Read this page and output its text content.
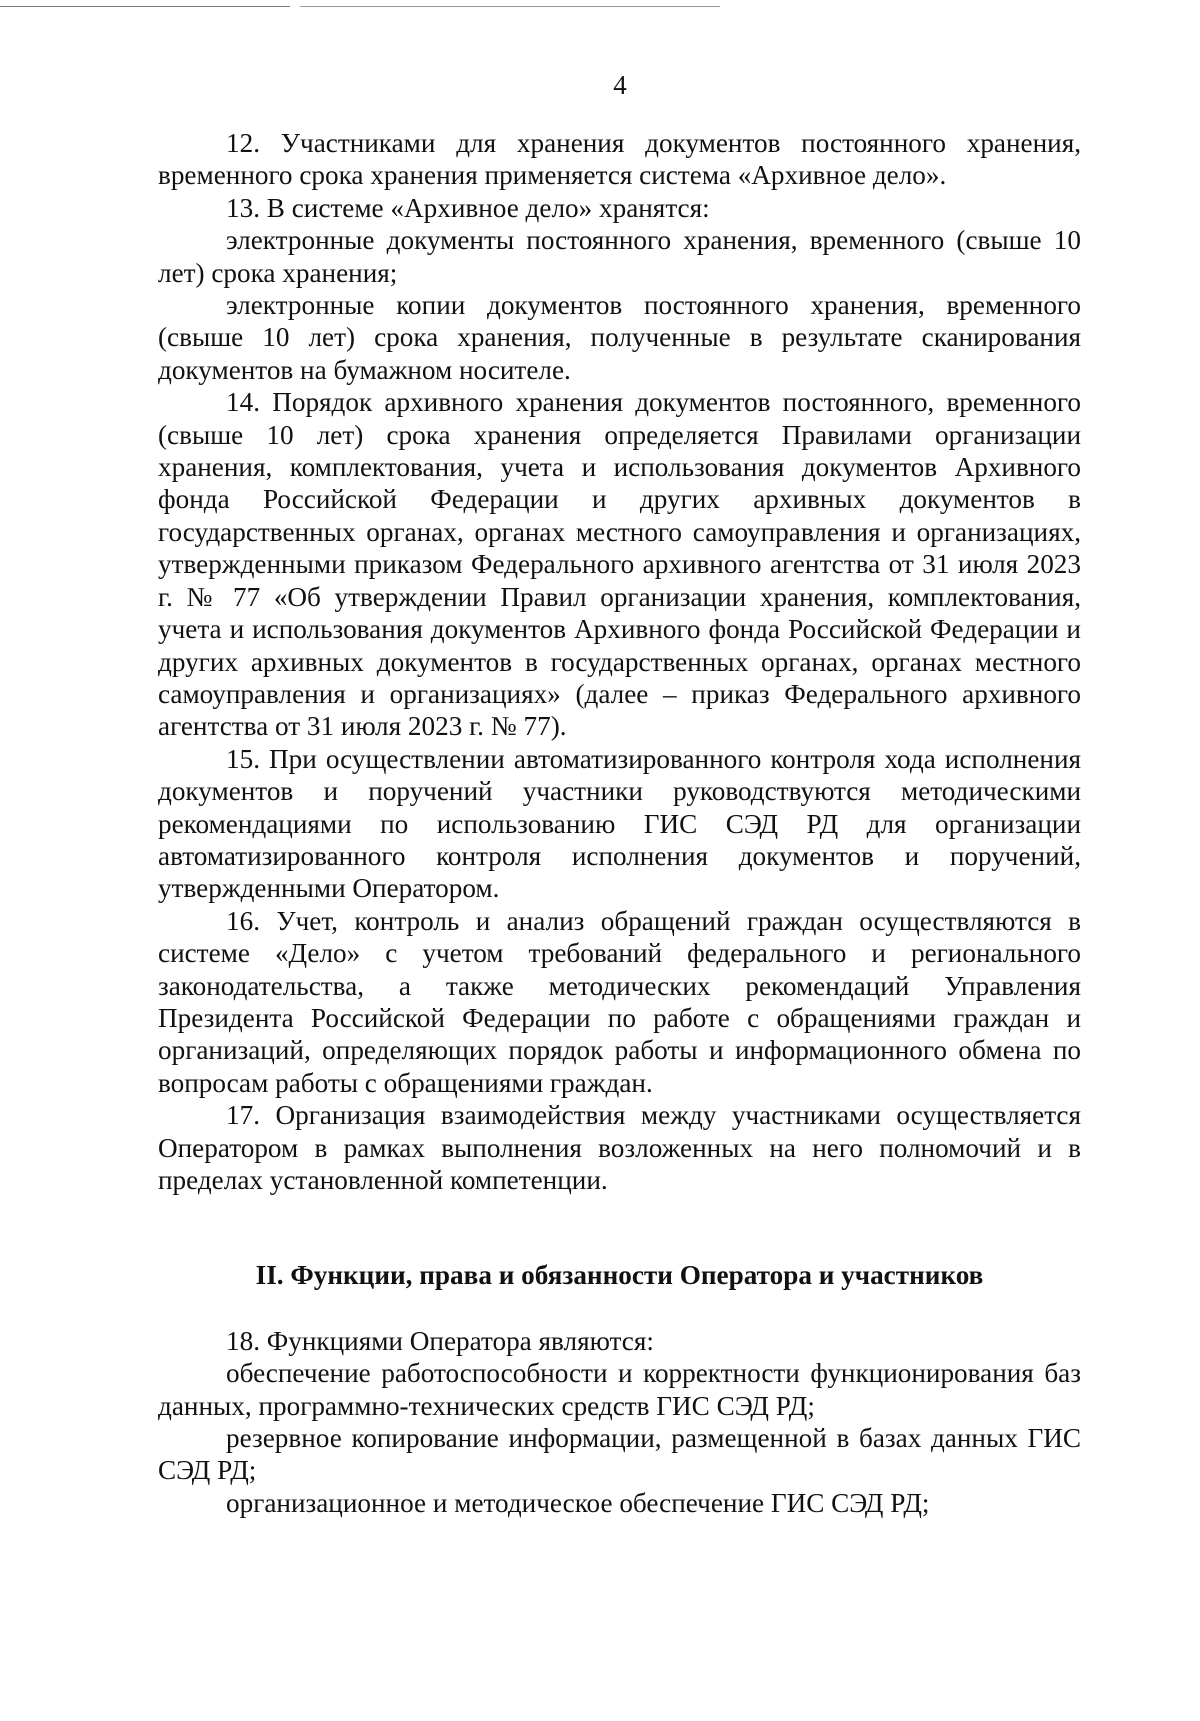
4

12. Участниками для хранения документов постоянного хранения, временного срока хранения применяется система «Архивное дело».

13. В системе «Архивное дело» хранятся:

электронные документы постоянного хранения, временного (свыше 10 лет) срока хранения;

электронные копии документов постоянного хранения, временного (свыше 10 лет) срока хранения, полученные в результате сканирования документов на бумажном носителе.

14. Порядок архивного хранения документов постоянного, временного (свыше 10 лет) срока хранения определяется Правилами организации хранения, комплектования, учета и использования документов Архивного фонда Российской Федерации и других архивных документов в государственных органах, органах местного самоуправления и организациях, утвержденными приказом Федерального архивного агентства от 31 июля 2023 г. № 77 «Об утверждении Правил организации хранения, комплектования, учета и использования документов Архивного фонда Российской Федерации и других архивных документов в государственных органах, органах местного самоуправления и организациях» (далее – приказ Федерального архивного агентства от 31 июля 2023 г. № 77).

15. При осуществлении автоматизированного контроля хода исполнения документов и поручений участники руководствуются методическими рекомендациями по использованию ГИС СЭД РД для организации автоматизированного контроля исполнения документов и поручений, утвержденными Оператором.

16. Учет, контроль и анализ обращений граждан осуществляются в системе «Дело» с учетом требований федерального и регионального законодательства, а также методических рекомендаций Управления Президента Российской Федерации по работе с обращениями граждан и организаций, определяющих порядок работы и информационного обмена по вопросам работы с обращениями граждан.

17. Организация взаимодействия между участниками осуществляется Оператором в рамках выполнения возложенных на него полномочий и в пределах установленной компетенции.

II. Функции, права и обязанности Оператора и участников

18. Функциями Оператора являются:

обеспечение работоспособности и корректности функционирования баз данных, программно-технических средств ГИС СЭД РД;

резервное копирование информации, размещенной в базах данных ГИС СЭД РД;

организационное и методическое обеспечение ГИС СЭД РД;
